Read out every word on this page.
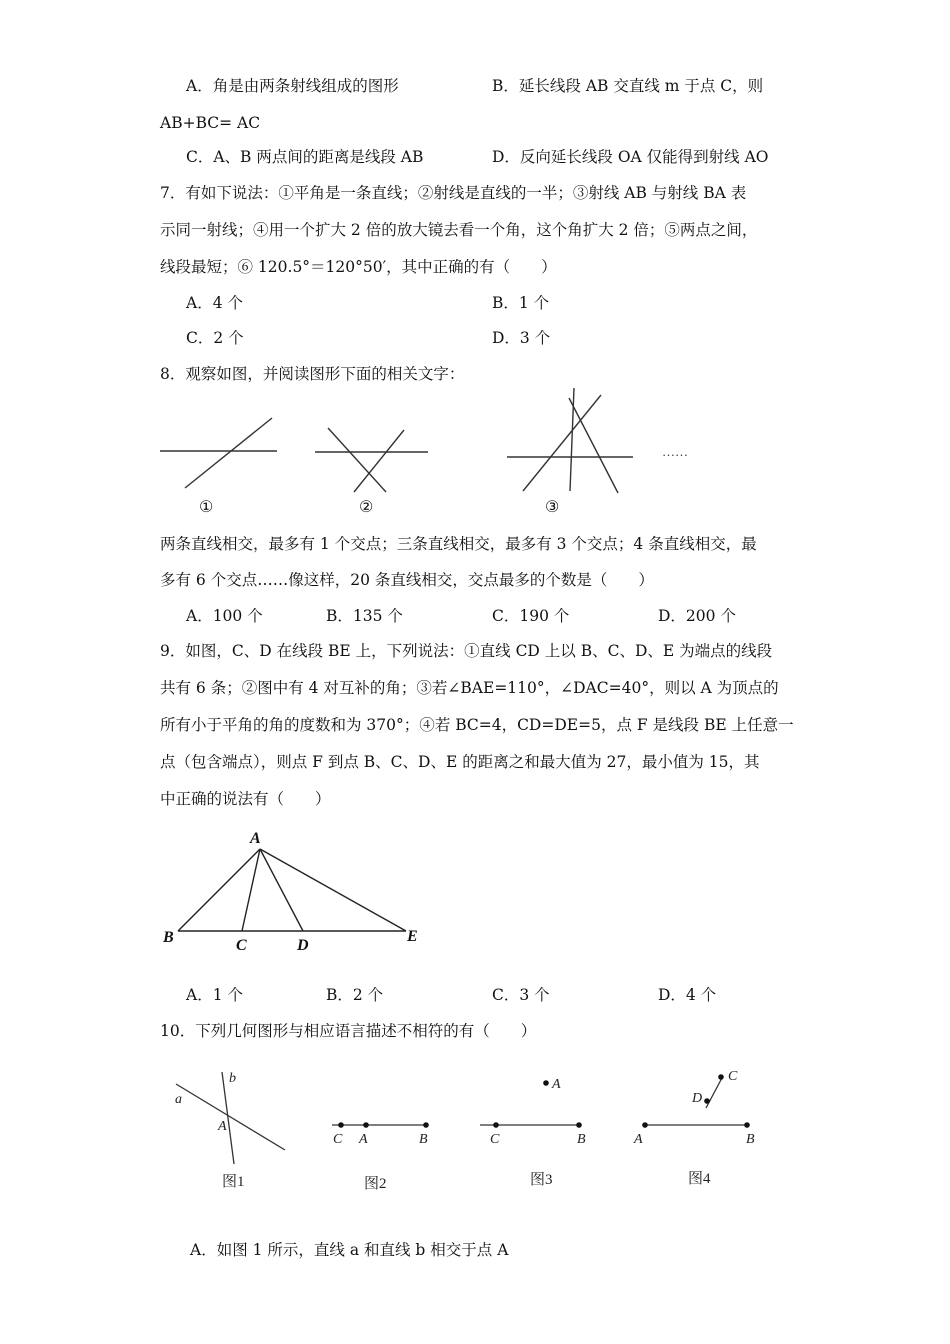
A．角是由两条射线组成的图形	B．延长线段 AB 交直线 m 于点 C，则
AB+BC= AC
C．A、B 两点间的距离是线段 AB	D．反向延长线段 OA 仅能得到射线 AO
7．有如下说法：①平角是一条直线；②射线是直线的一半；③射线 AB 与射线 BA 表
示同一射线；④用一个扩大 2 倍的放大镜去看一个角，这个角扩大 2 倍；⑤两点之间，
线段最短；⑥ 120.5°＝120°50′，其中正确的有（　　）
A．4 个	B．1 个
C．2 个	D．3 个
8．观察如图，并阅读图形下面的相关文字：
……
①	②	③
两条直线相交，最多有 1 个交点；三条直线相交，最多有 3 个交点；4 条直线相交，最
多有 6 个交点……像这样，20 条直线相交，交点最多的个数是（　　）
A．100 个	B．135 个	C．190 个	D．200 个
9．如图，C、D 在线段 BE 上，下列说法：①直线 CD 上以 B、C、D、E 为端点的线段
共有 6 条；②图中有 4 对互补的角；③若∠BAE=110°，∠DAC=40°，则以 A 为顶点的
所有小于平角的角的度数和为 370°；④若 BC=4，CD=DE=5，点 F 是线段 BE 上任意一
点（包含端点），则点 F 到点 B、C、D、E 的距离之和最大值为 27，最小值为 15，其
中正确的说法有（　　）
A
B	C	D
E
A．1 个	B．2 个	C．3 个	D．4 个
10．下列几何图形与相应语言描述不相符的有（　　）
b
a
A
图1
C A	B
图2
A
C	B
图3
C
D
A	B
图4
A．如图 1 所示，直线 a 和直线 b 相交于点 A
